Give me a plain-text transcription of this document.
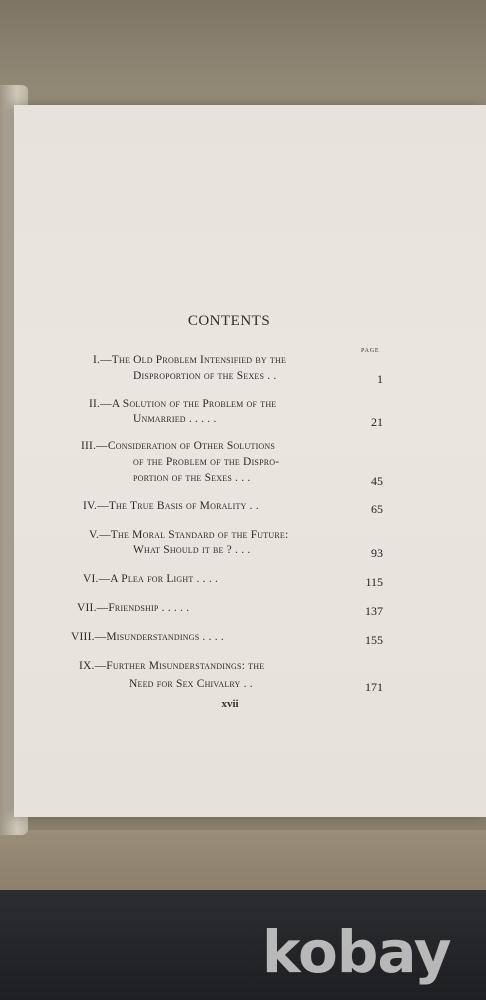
CONTENTS
PAGE
I.—The Old Problem Intensified by the
Disproportion of the Sexes . .	1
II.—A Solution of the Problem of the
Unmarried . . . . .	21
III.—Consideration of Other Solutions
of the Problem of the Dispro-
portion of the Sexes . . .	45
IV.—The True Basis of Morality . .	65
V.—The Moral Standard of the Future:
What Should it be ? . . .	93
VI.—A Plea for Light . . . .	115
VII.—Friendship . . . . .	137
VIII.—Misunderstandings . . . .	155
IX.—Further Misunderstandings: the
Need for Sex Chivalry . .	171
xvii
kobay
